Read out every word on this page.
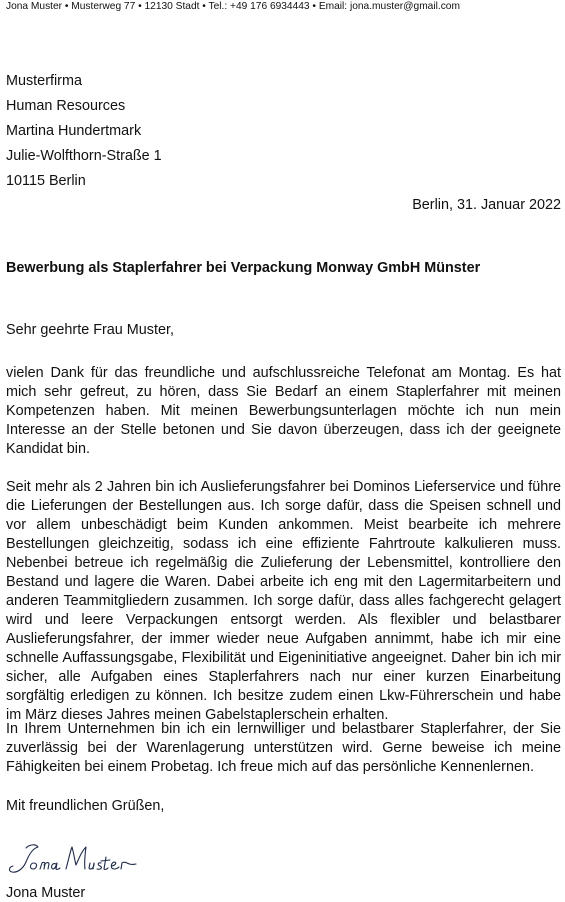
Jona Muster • Musterweg 77 • 12130 Stadt • Tel.: +49 176 6934443 • Email: jona.muster@gmail.com
Musterfirma
Human Resources
Martina Hundertmark
Julie-Wolfthorn-Straße 1
10115 Berlin
Berlin, 31. Januar 2022
Bewerbung als Staplerfahrer bei Verpackung Monway GmbH Münster
Sehr geehrte Frau Muster,

vielen Dank für das freundliche und aufschlussreiche Telefonat am Montag. Es hat mich sehr gefreut, zu hören, dass Sie Bedarf an einem Staplerfahrer mit meinen Kompetenzen haben. Mit meinen Bewerbungsunterlagen möchte ich nun mein Interesse an der Stelle betonen und Sie davon überzeugen, dass ich der geeignete Kandidat bin.

Seit mehr als 2 Jahren bin ich Auslieferungsfahrer bei Dominos Lieferservice und führe die Lieferungen der Bestellungen aus. Ich sorge dafür, dass die Speisen schnell und vor allem unbeschädigt beim Kunden ankommen. Meist bearbeite ich mehrere Bestellungen gleichzeitig, sodass ich eine effiziente Fahrtroute kalkulieren muss. Nebenbei betreue ich regelmäßig die Zulieferung der Lebensmittel, kontrolliere den Bestand und lagere die Waren. Dabei arbeite ich eng mit den Lagermitarbeitern und anderen Teammitgliedern zusammen. Ich sorge dafür, dass alles fachgerecht gelagert wird und leere Verpackungen entsorgt werden. Als flexibler und belastbarer Auslieferungsfahrer, der immer wieder neue Aufgaben annimmt, habe ich mir eine schnelle Auffassungsgabe, Flexibilität und Eigeninitiative angeeignet. Daher bin ich mir sicher, alle Aufgaben eines Staplerfahrers nach nur einer kurzen Einarbeitung sorgfältig erledigen zu können. Ich besitze zudem einen Lkw-Führerschein und habe im März dieses Jahres meinen Gabelstaplerschein erhalten.

In Ihrem Unternehmen bin ich ein lernwilliger und belastbarer Staplerfahrer, der Sie zuverlässig bei der Warenlagerung unterstützen wird. Gerne beweise ich meine Fähigkeiten bei einem Probetag. Ich freue mich auf das persönliche Kennenlernen.

Mit freundlichen Grüßen,
Jona Muster
